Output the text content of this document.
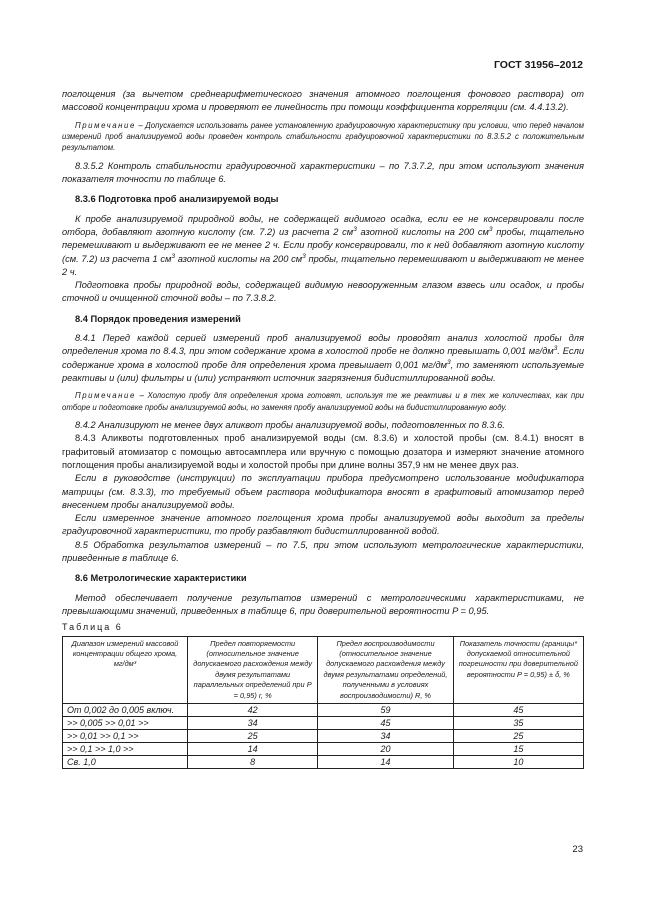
ГОСТ 31956–2012

поглощения (за вычетом среднеарифметического значения атомного поглощения фонового раствора) от массовой концентрации хрома и проверяют ее линейность при помощи коэффициента корреляции (см. 4.4.13.2).

Примечание – Допускается использовать ранее установленную градуировочную характеристику при условии, что перед началом измерений проб анализируемой воды проведен контроль стабильности градуировочной характеристики по 8.3.5.2 с положительным результатом.

8.3.5.2 Контроль стабильности градуировочной характеристики – по 7.3.7.2, при этом используют значения показателя точности по таблице 6.

8.3.6 Подготовка проб анализируемой воды

К пробе анализируемой природной воды, не содержащей видимого осадка, если ее не консервировали после отбора, добавляют азотную кислоту (см. 7.2) из расчета 2 $см^3$ азотной кислоты на 200 $см^3$ пробы, тщательно перемешивают и выдерживают ее не менее 2 ч. Если пробу консервировали, то к ней добавляют азотную кислоту (см. 7.2) из расчета 1 $см^3$ азотной кислоты на 200 $см^3$ пробы, тщательно перемешивают и выдерживают не менее 2 ч.

Подготовка пробы природной воды, содержащей видимую невооруженным глазом взвесь или осадок, и пробы сточной и очищенной сточной воды – по 7.3.8.2.

8.4 Порядок проведения измерений

8.4.1 Перед каждой серией измерений проб анализируемой воды проводят анализ холостой пробы для определения хрома по 8.4.3, при этом содержание хрома в холостой пробе не должно превышать 0,001 $мг/дм^3$. Если содержание хрома в холостой пробе для определения хрома превышает 0,001 $мг/дм^3$, то заменяют используемые реактивы и (или) фильтры и (или) устраняют источник загрязнения бидистиллированной воды.

Примечание – Холостую пробу для определения хрома готовят, используя те же реактивы и в тех же количествах, как при отборе и подготовке пробы анализируемой воды, но заменяя пробу анализируемой воды на бидистиллированную воду.

8.4.2 Анализируют не менее двух аликвот пробы анализируемой воды, подготовленных по 8.3.6.

8.4.3 Аликвоты подготовленных проб анализируемой воды (см. 8.3.6) и холостой пробы (см. 8.4.1) вносят в графитовый атомизатор с помощью автосамплера или вручную с помощью дозатора и измеряют значение атомного поглощения пробы анализируемой воды и холостой пробы при длине волны 357,9 нм не менее двух раз.

Если в руководстве (инструкции) по эксплуатации прибора предусмотрено использование модификатора матрицы (см. 8.3.3), то требуемый объем раствора модификатора вносят в графитовый атомизатор перед внесением пробы анализируемой воды.

Если измеренное значение атомного поглощения хрома пробы анализируемой воды выходит за пределы градуировочной характеристики, то пробу разбавляют бидистиллированной водой.

8.5 Обработка результатов измерений – по 7.5, при этом используют метрологические характеристики, приведенные в таблице 6.

8.6 Метрологические характеристики

Метод обеспечивает получение результатов измерений с метрологическими характеристиками, не превышающими значений, приведенных в таблице 6, при доверительной вероятности P = 0,95.

Таблица 6

Диапазон измерений массовой концентрации общего хрома, мг/дм³	Предел повторяемости (относительное значение допускаемого расхождения между двумя результатами параллельных определений при P = 0,95) r, %	Предел воспроизводимости (относительное значение допускаемого расхождения между двумя результатами определений, полученными в условиях воспроизводимости) R, %	Показатель точности (границы* допускаемой относительной погрешности при доверительной вероятности P = 0,95) ± δ, %
От 0,002 до 0,005 включ.	42	59	45
>> 0,005 >> 0,01 >>	34	45	35
>> 0,01 >> 0,1 >>	25	34	25
>> 0,1 >> 1,0 >>	14	20	15
Св. 1,0	8	14	10
23
